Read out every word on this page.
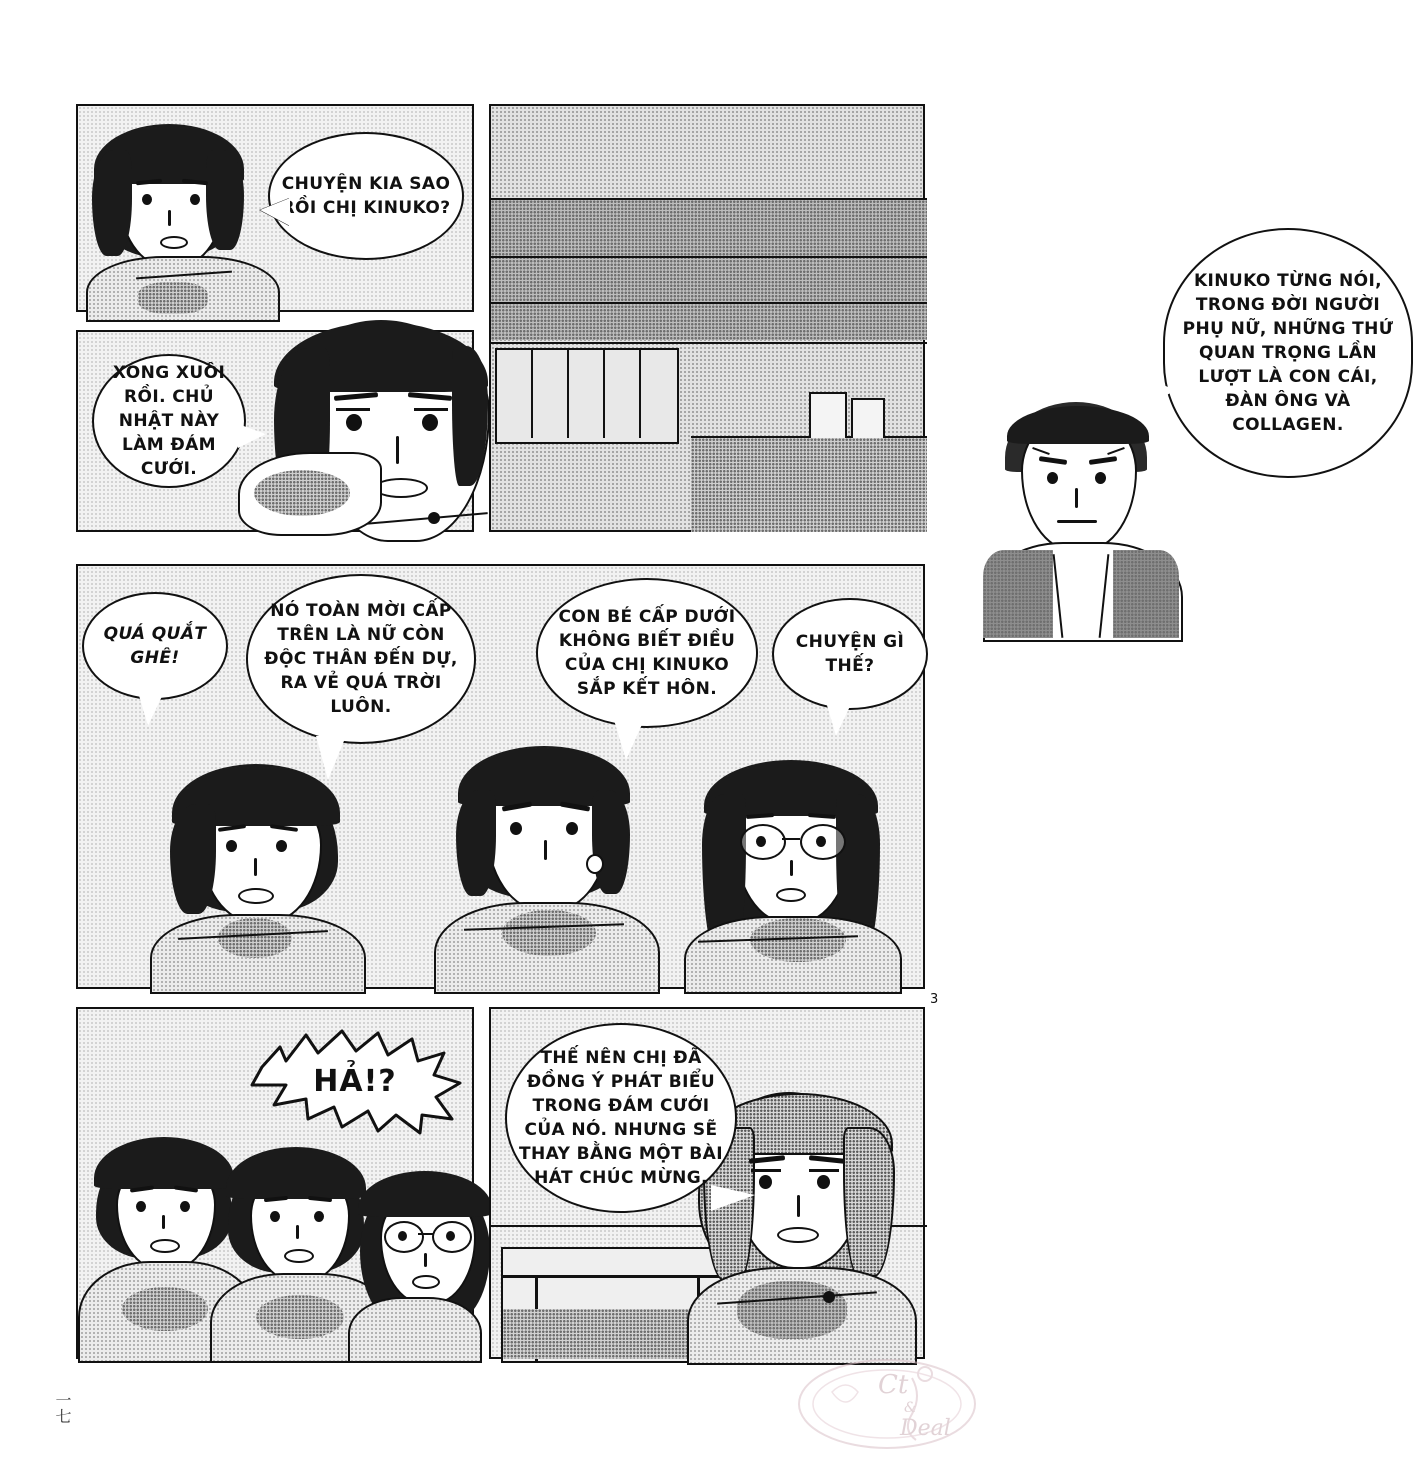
CHUYỆN KIA SAO RỒI CHỊ KINUKO?
KINUKO TỪNG NÓI, TRONG ĐỜI NGƯỜI PHỤ NỮ, NHỮNG THỨ QUAN TRỌNG LẦN LƯỢT LÀ CON CÁI, ĐÀN ÔNG VÀ COLLAGEN.
XONG XUÔI RỒI. CHỦ NHẬT NÀY LÀM ĐÁM CƯỚI.
QUÁ QUẮT GHÊ!
NÓ TOÀN MỜI CẤP TRÊN LÀ NỮ CÒN ĐỘC THÂN ĐẾN DỰ, RA VẺ QUÁ TRỜI LUÔN.
CON BÉ CẤP DƯỚI KHÔNG BIẾT ĐIỀU CỦA CHỊ KINUKO SẮP KẾT HÔN.
CHUYỆN GÌ THẾ?
3
HẢ!?
THẾ NÊN CHỊ ĐÃ ĐỒNG Ý PHÁT BIỂU TRONG ĐÁM CƯỚI CỦA NÓ. NHƯNG SẼ THAY BẰNG MỘT BÀI HÁT CHÚC MỪNG.
一七
Ct
&
Deal
